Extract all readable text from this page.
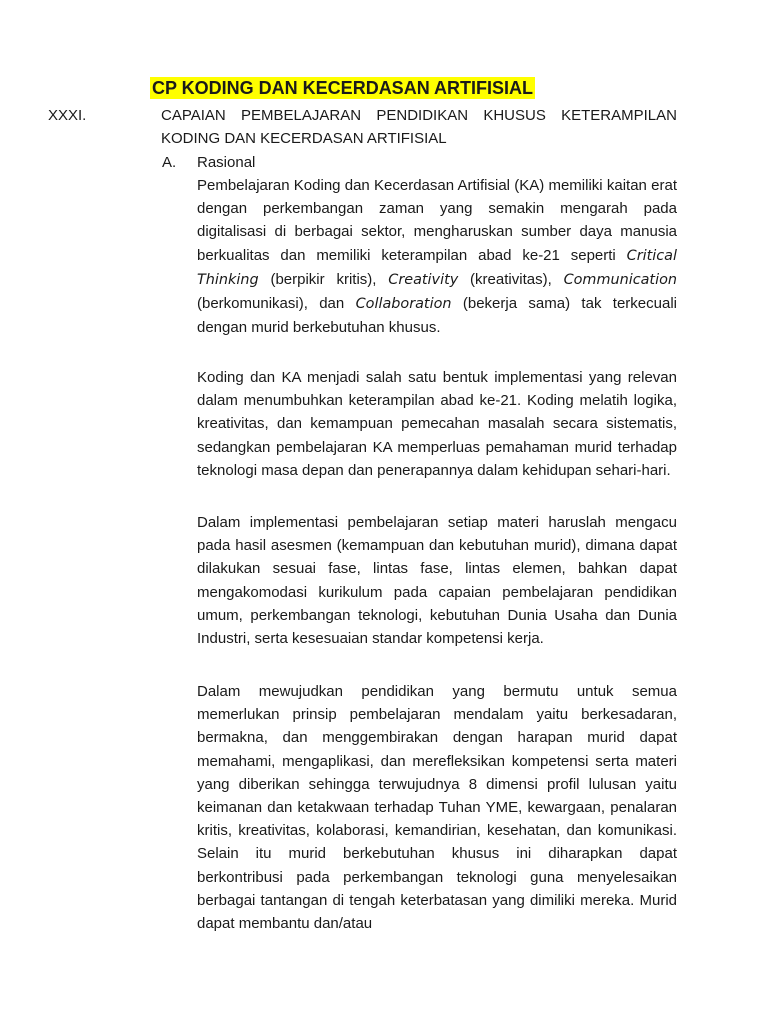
CP KODING DAN KECERDASAN ARTIFISIAL
XXXI.	CAPAIAN PEMBELAJARAN PENDIDIKAN KHUSUS KETERAMPILAN KODING DAN KECERDASAN ARTIFISIAL
A. Rasional

Pembelajaran Koding dan Kecerdasan Artifisial (KA) memiliki kaitan erat dengan perkembangan zaman yang semakin mengarah pada digitalisasi di berbagai sektor, mengharuskan sumber daya manusia berkualitas dan memiliki keterampilan abad ke-21 seperti Critical Thinking (berpikir kritis), Creativity (kreativitas), Communication (berkomunikasi), dan Collaboration (bekerja sama) tak terkecuali dengan murid berkebutuhan khusus.

Koding dan KA menjadi salah satu bentuk implementasi yang relevan dalam menumbuhkan keterampilan abad ke-21. Koding melatih logika, kreativitas, dan kemampuan pemecahan masalah secara sistematis, sedangkan pembelajaran KA memperluas pemahaman murid terhadap teknologi masa depan dan penerapannya dalam kehidupan sehari-hari.

Dalam implementasi pembelajaran setiap materi haruslah mengacu pada hasil asesmen (kemampuan dan kebutuhan murid), dimana dapat dilakukan sesuai fase, lintas fase, lintas elemen, bahkan dapat mengakomodasi kurikulum pada capaian pembelajaran pendidikan umum, perkembangan teknologi, kebutuhan Dunia Usaha dan Dunia Industri, serta kesesuaian standar kompetensi kerja.

Dalam mewujudkan pendidikan yang bermutu untuk semua memerlukan prinsip pembelajaran mendalam yaitu berkesadaran, bermakna, dan menggembirakan dengan harapan murid dapat memahami, mengaplikasi, dan merefleksikan kompetensi serta materi yang diberikan sehingga terwujudnya 8 dimensi profil lulusan yaitu keimanan dan ketakwaan terhadap Tuhan YME, kewargaan, penalaran kritis, kreativitas, kolaborasi, kemandirian, kesehatan, dan komunikasi. Selain itu murid berkebutuhan khusus ini diharapkan dapat berkontribusi pada perkembangan teknologi guna menyelesaikan berbagai tantangan di tengah keterbatasan yang dimiliki mereka. Murid dapat membantu dan/atau
